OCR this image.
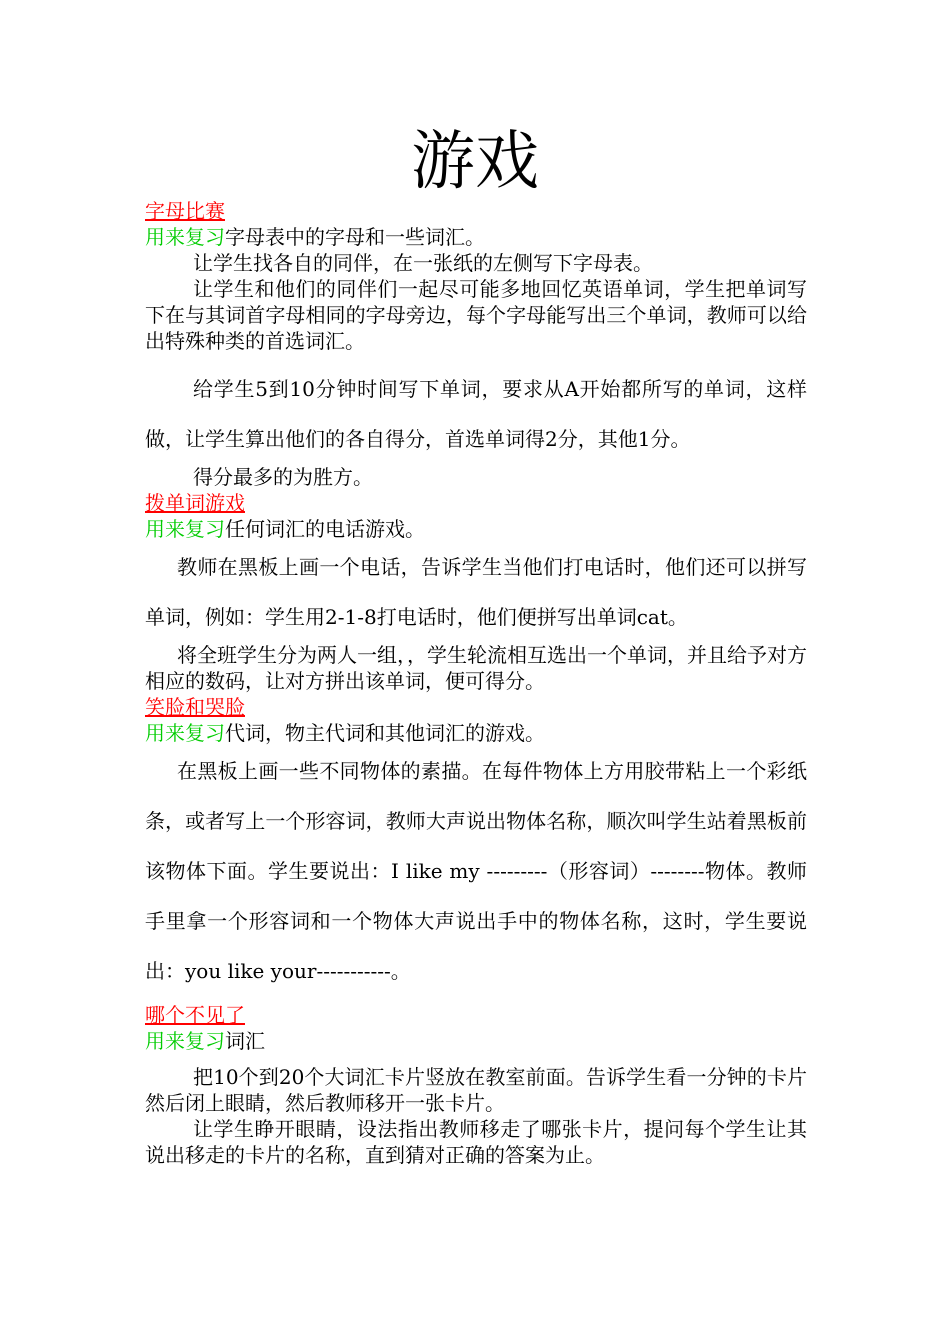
游戏
字母比赛
用来复习字母表中的字母和一些词汇。
让学生找各自的同伴，在一张纸的左侧写下字母表。
让学生和他们的同伴们一起尽可能多地回忆英语单词，学生把单词写下在与其词首字母相同的字母旁边，每个字母能写出三个单词，教师可以给出特殊种类的首选词汇。
给学生5到10分钟时间写下单词，要求从A开始都所写的单词，这样做，让学生算出他们的各自得分，首选单词得2分，其他1分。
得分最多的为胜方。
拨单词游戏
用来复习任何词汇的电话游戏。
教师在黑板上画一个电话，告诉学生当他们打电话时，他们还可以拼写单词，例如：学生用2-1-8打电话时，他们便拼写出单词cat。
将全班学生分为两人一组，，学生轮流相互选出一个单词，并且给予对方相应的数码，让对方拼出该单词，便可得分。
笑脸和哭脸
用来复习代词，物主代词和其他词汇的游戏。
在黑板上画一些不同物体的素描。在每件物体上方用胶带粘上一个彩纸条，或者写上一个形容词，教师大声说出物体名称，顺次叫学生站着黑板前该物体下面。学生要说出：I like my ---------（形容词）--------物体。教师手里拿一个形容词和一个物体大声说出手中的物体名称，这时，学生要说出：you like your-----------。
哪个不见了
用来复习词汇
把10个到20个大词汇卡片竖放在教室前面。告诉学生看一分钟的卡片然后闭上眼睛，然后教师移开一张卡片。
让学生睁开眼睛，设法指出教师移走了哪张卡片，提问每个学生让其说出移走的卡片的名称，直到猜对正确的答案为止。
